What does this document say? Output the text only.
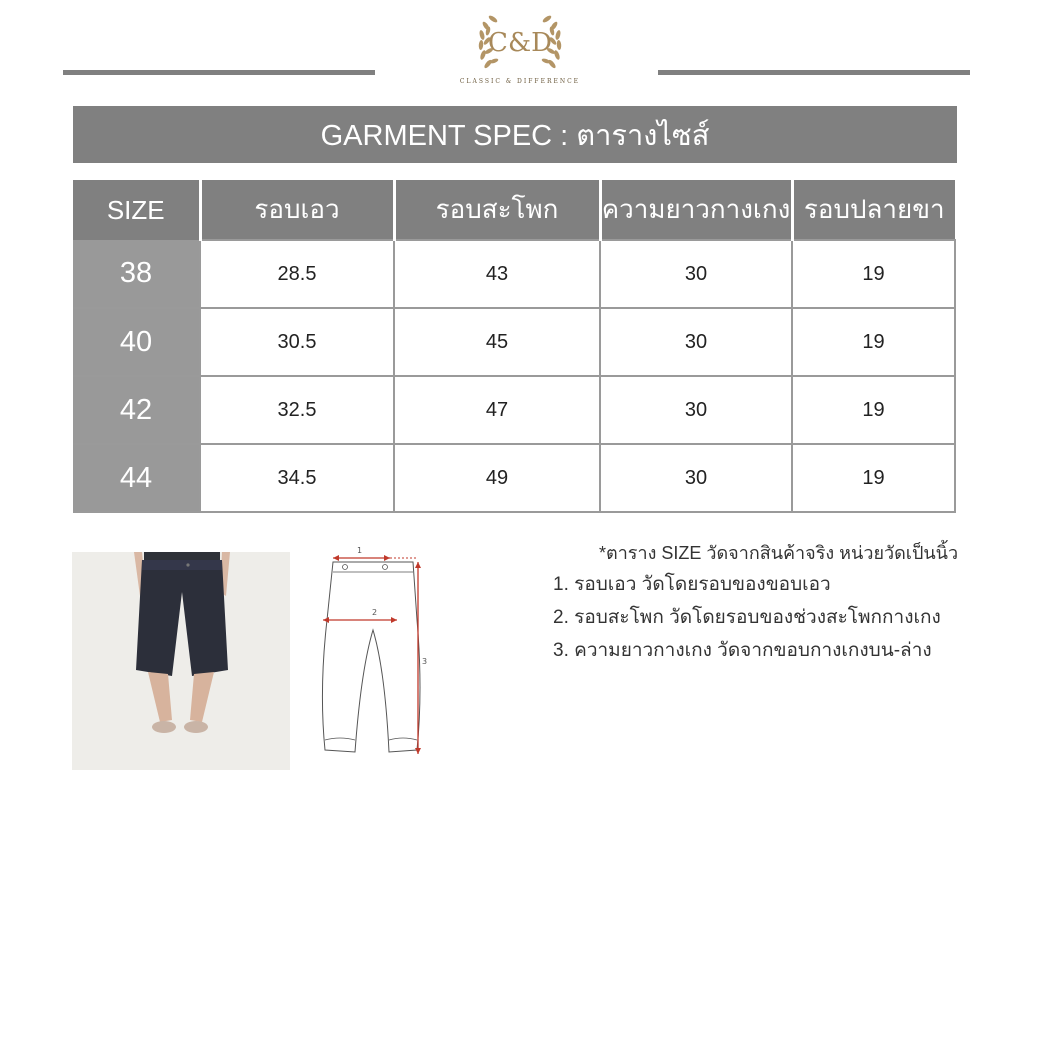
C&D
CLASSIC & DIFFERENCE
GARMENT SPEC : ตารางไซส์
SIZE	รอบเอว	รอบสะโพก	ความยาวกางเกง	รอบปลายขา
38	28.5	43	30	19
40	30.5	45	30	19
42	32.5	47	30	19
44	34.5	49	30	19
1
2
3
*ตาราง SIZE วัดจากสินค้าจริง หน่วยวัดเป็นนิ้ว
1. รอบเอว วัดโดยรอบของขอบเอว
2. รอบสะโพก วัดโดยรอบของช่วงสะโพกกางเกง
3. ความยาวกางเกง วัดจากขอบกางเกงบน-ล่าง
